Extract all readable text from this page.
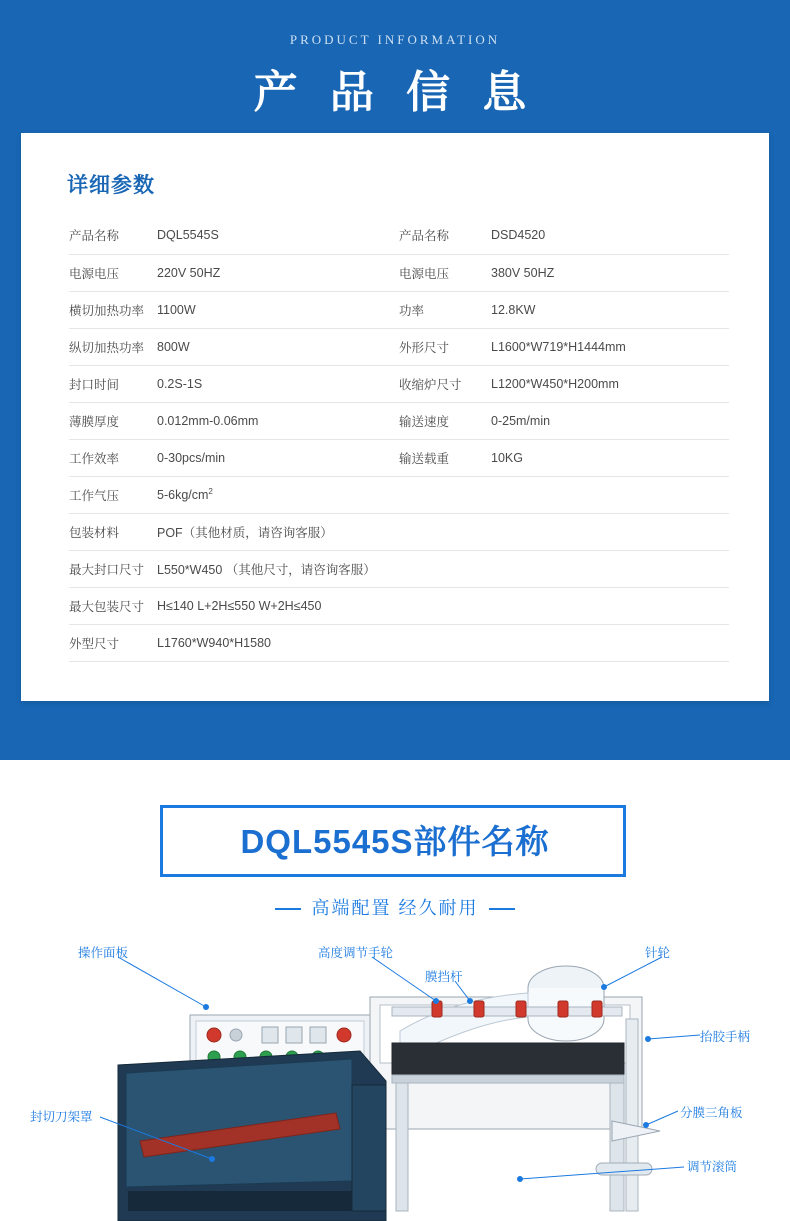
PRODUCT INFORMATION
产 品 信 息
详细参数
产品名称	DQL5545S	产品名称	DSD4520
电源电压	220V 50HZ	电源电压	380V 50HZ
横切加热功率	1100W	功率	12.8KW
纵切加热功率	800W	外形尺寸	L1600*W719*H1444mm
封口时间	0.2S-1S	收缩炉尺寸	L1200*W450*H200mm
薄膜厚度	0.012mm-0.06mm	输送速度	0-25m/min
工作效率	0-30pcs/min	输送载重	10KG
工作气压	$5-6kg/cm^2$		
包装材料	POF（其他材质，请咨询客服）		
最大封口尺寸	L550*W450 （其他尺寸，请咨询客服）		
最大包装尺寸	H≤140 L+2H≤550 W+2H≤450		
外型尺寸	L1760*W940*H1580		
DQL5545S部件名称
高端配置 经久耐用
操作面板	高度调节手轮
膜挡杆
针轮
抬胶手柄
封切刀架罩	分膜三角板
调节滚筒
